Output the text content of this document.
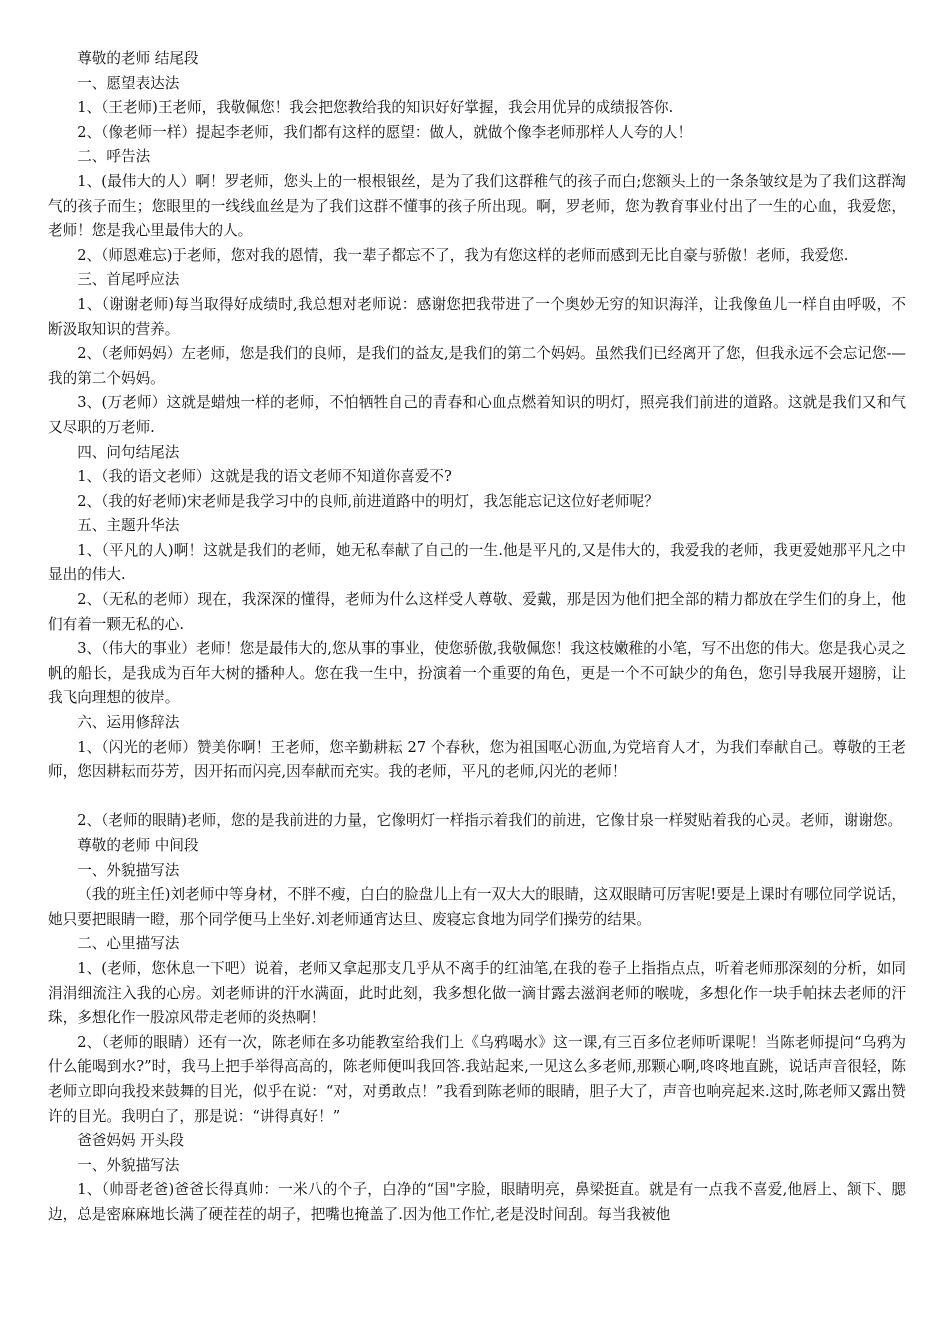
尊敬的老师 结尾段
一、愿望表达法
1、（王老师)王老师，我敬佩您！我会把您教给我的知识好好掌握，我会用优异的成绩报答你.
2、（像老师一样）提起李老师，我们都有这样的愿望：做人，就做个像李老师那样人人夸的人！
二、呼告法
1、(最伟大的人）啊！罗老师，您头上的一根根银丝，是为了我们这群稚气的孩子而白;您额头上的一条条皱纹是为了我们这群淘气的孩子而生；您眼里的一线线血丝是为了我们这群不懂事的孩子所出现。啊，罗老师，您为教育事业付出了一生的心血，我爱您，老师！您是我心里最伟大的人。
2、（师恩难忘)于老师，您对我的恩情，我一辈子都忘不了，我为有您这样的老师而感到无比自豪与骄傲！老师，我爱您.
三、首尾呼应法
1、（谢谢老师)每当取得好成绩时,我总想对老师说：感谢您把我带进了一个奥妙无穷的知识海洋，让我像鱼儿一样自由呼吸，不断汲取知识的营养。
2、（老师妈妈）左老师，您是我们的良师，是我们的益友,是我们的第二个妈妈。虽然我们已经离开了您，但我永远不会忘记您-—我的第二个妈妈。
3、(万老师）这就是蜡烛一样的老师，不怕牺牲自己的青春和心血点燃着知识的明灯，照亮我们前进的道路。这就是我们又和气又尽职的万老师.
四、问句结尾法
1、（我的语文老师）这就是我的语文老师不知道你喜爱不?
2、（我的好老师)宋老师是我学习中的良师,前进道路中的明灯，我怎能忘记这位好老师呢？
五、主题升华法
1、（平凡的人)啊！这就是我们的老师，她无私奉献了自己的一生.他是平凡的,又是伟大的，我爱我的老师，我更爱她那平凡之中显出的伟大.
2、（无私的老师）现在，我深深的懂得，老师为什么这样受人尊敬、爱戴，那是因为他们把全部的精力都放在学生们的身上，他们有着一颗无私的心.
3、（伟大的事业）老师！您是最伟大的,您从事的事业，使您骄傲,我敬佩您！我这枝嫩稚的小笔，写不出您的伟大。您是我心灵之帆的船长，是我成为百年大树的播种人。您在我一生中，扮演着一个重要的角色，更是一个不可缺少的角色，您引导我展开翅膀，让我飞向理想的彼岸。
六、运用修辞法
1、（闪光的老师）赞美你啊！王老师，您辛勤耕耘 27 个春秋，您为祖国呕心沥血,为党培育人才，为我们奉献自己。尊敬的王老师，您因耕耘而芬芳，因开拓而闪亮,因奉献而充实。我的老师，平凡的老师,闪光的老师！
2、（老师的眼睛)老师，您的是我前进的力量，它像明灯一样指示着我们的前进，它像甘泉一样熨贴着我的心灵。老师，谢谢您。
尊敬的老师 中间段
一、外貌描写法
（我的班主任)刘老师中等身材，不胖不瘦，白白的脸盘儿上有一双大大的眼睛，这双眼睛可厉害呢!要是上课时有哪位同学说话，她只要把眼睛一瞪，那个同学便马上坐好.刘老师通宵达旦、废寝忘食地为同学们操劳的结果。
二、心里描写法
1、(老师，您休息一下吧）说着，老师又拿起那支几乎从不离手的红油笔,在我的卷子上指指点点，听着老师那深刻的分析，如同涓涓细流注入我的心房。刘老师讲的汗水满面，此时此刻，我多想化做一滴甘露去滋润老师的喉咙，多想化作一块手帕抹去老师的汗珠，多想化作一股凉风带走老师的炎热啊！
2、（老师的眼睛）还有一次，陈老师在多功能教室给我们上《乌鸦喝水》这一课,有三百多位老师听课呢！当陈老师提问“乌鸦为什么能喝到水?”时，我马上把手举得高高的，陈老师便叫我回答.我站起来,一见这么多老师,那颗心啊,咚咚地直跳，说话声音很轻，陈老师立即向我投来鼓舞的目光，似乎在说：“对，对勇敢点！”我看到陈老师的眼睛，胆子大了，声音也响亮起来.这时,陈老师又露出赞许的目光。我明白了，那是说：“讲得真好！”
爸爸妈妈 开头段
一、外貌描写法
1、（帅哥老爸)爸爸长得真帅：一米八的个子，白净的“国"字脸，眼睛明亮，鼻梁挺直。就是有一点我不喜爱,他唇上、颔下、腮边，总是密麻麻地长满了硬茬茬的胡子，把嘴也掩盖了.因为他工作忙,老是没时间刮。每当我被他
